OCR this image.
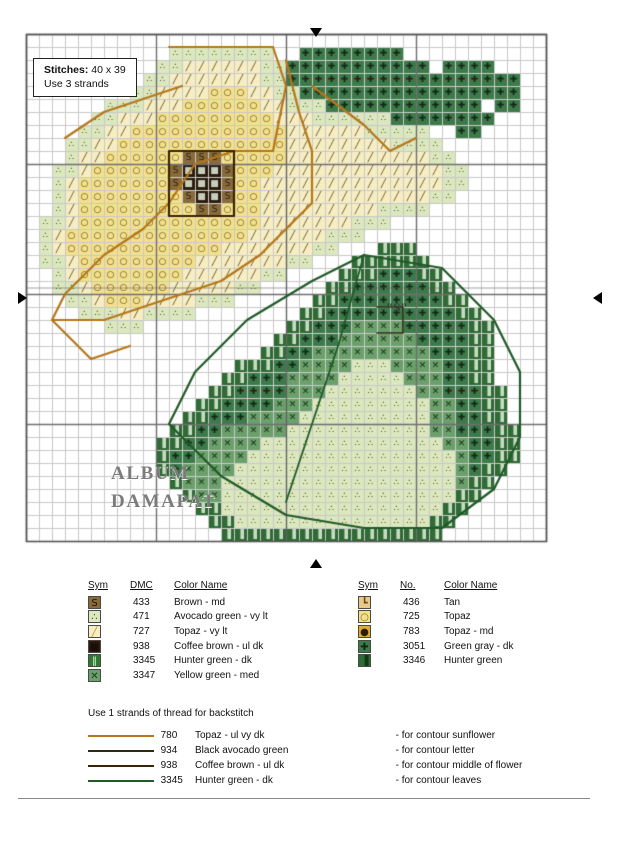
Stitches: 40 x 39
Use 3 strands
"S"
ALBUM
DAMAPAT
Sym	DMC	Color Name
S	433	Brown - md
∴	471	Avocado green - vy lt
╱	727	Topaz - vy lt
■	938	Coffee brown - ul dk
‖	3345	Hunter green - dk
✕	3347	Yellow green - med
Sym	No.	Color Name
┗	436	Tan
○	725	Topaz
●	783	Topaz - md
✚	3051	Green gray - dk
▐	3346	Hunter green
Use 1 strands of thread for backstitch
780	Topaz - ul vy dk	- for contour sunflower
934	Black avocado green	- for contour letter
938	Coffee brown - ul dk	- for contour middle of flower
3345	Hunter green - dk	- for contour leaves
